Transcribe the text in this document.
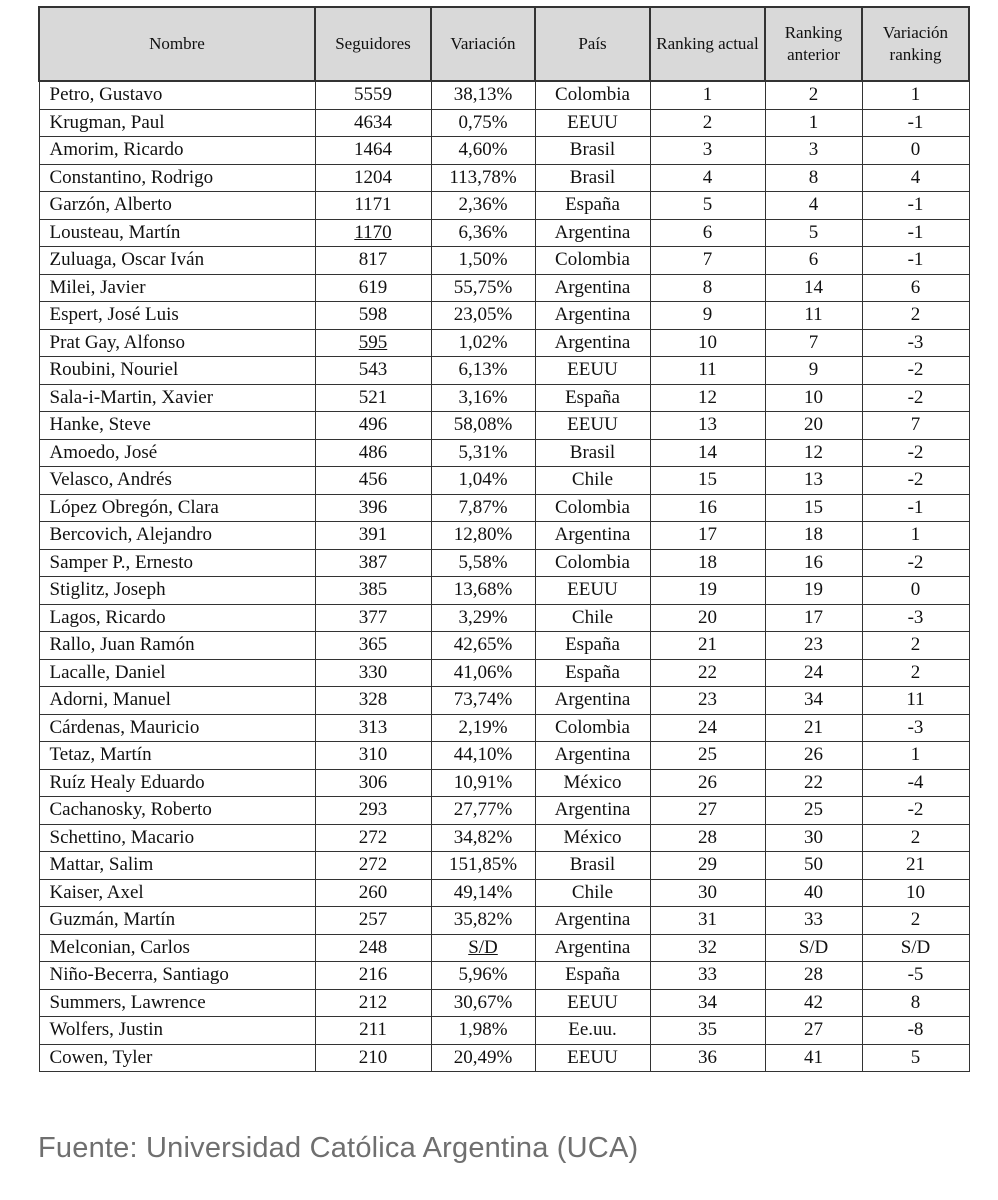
Nombre	Seguidores	Variación	País	Ranking actual	Ranking anterior	Variación ranking
Petro, Gustavo	5559	38,13%	Colombia	1	2	1
Krugman, Paul	4634	0,75%	EEUU	2	1	-1
Amorim, Ricardo	1464	4,60%	Brasil	3	3	0
Constantino, Rodrigo	1204	113,78%	Brasil	4	8	4
Garzón, Alberto	1171	2,36%	España	5	4	-1
Lousteau, Martín	1170	6,36%	Argentina	6	5	-1
Zuluaga, Oscar Iván	817	1,50%	Colombia	7	6	-1
Milei, Javier	619	55,75%	Argentina	8	14	6
Espert, José Luis	598	23,05%	Argentina	9	11	2
Prat Gay, Alfonso	595	1,02%	Argentina	10	7	-3
Roubini, Nouriel	543	6,13%	EEUU	11	9	-2
Sala-i-Martin, Xavier	521	3,16%	España	12	10	-2
Hanke, Steve	496	58,08%	EEUU	13	20	7
Amoedo, José	486	5,31%	Brasil	14	12	-2
Velasco, Andrés	456	1,04%	Chile	15	13	-2
López Obregón, Clara	396	7,87%	Colombia	16	15	-1
Bercovich, Alejandro	391	12,80%	Argentina	17	18	1
Samper P., Ernesto	387	5,58%	Colombia	18	16	-2
Stiglitz, Joseph	385	13,68%	EEUU	19	19	0
Lagos, Ricardo	377	3,29%	Chile	20	17	-3
Rallo, Juan Ramón	365	42,65%	España	21	23	2
Lacalle, Daniel	330	41,06%	España	22	24	2
Adorni, Manuel	328	73,74%	Argentina	23	34	11
Cárdenas, Mauricio	313	2,19%	Colombia	24	21	-3
Tetaz, Martín	310	44,10%	Argentina	25	26	1
Ruíz Healy Eduardo	306	10,91%	México	26	22	-4
Cachanosky, Roberto	293	27,77%	Argentina	27	25	-2
Schettino, Macario	272	34,82%	México	28	30	2
Mattar, Salim	272	151,85%	Brasil	29	50	21
Kaiser, Axel	260	49,14%	Chile	30	40	10
Guzmán, Martín	257	35,82%	Argentina	31	33	2
Melconian, Carlos	248	S/D	Argentina	32	S/D	S/D
Niño-Becerra, Santiago	216	5,96%	España	33	28	-5
Summers, Lawrence	212	30,67%	EEUU	34	42	8
Wolfers, Justin	211	1,98%	Ee.uu.	35	27	-8
Cowen, Tyler	210	20,49%	EEUU	36	41	5
Fuente: Universidad Católica Argentina (UCA)
